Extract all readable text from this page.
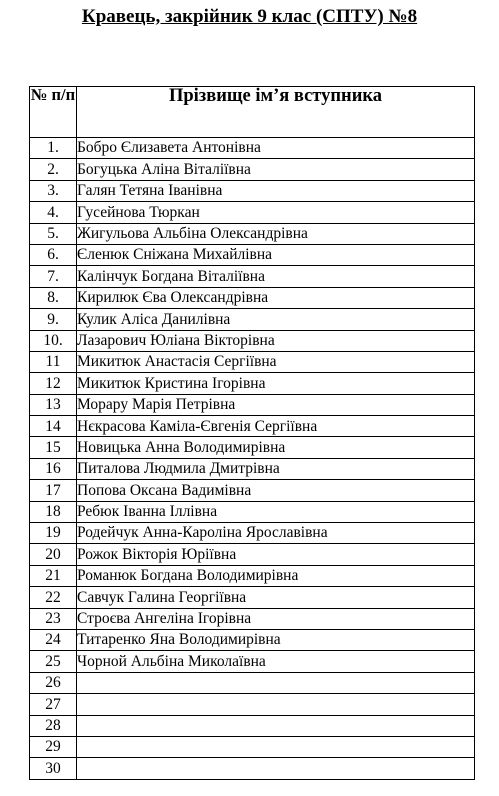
Кравець, закрійник 9 клас (СПТУ) №8
№ п/п	Прізвище ім’я вступника
1.	Бобро Єлизавета Антонівна
2.	Богуцька Аліна Віталіївна
3.	Галян Тетяна Іванівна
4.	Гусейнова Тюркан
5.	Жигульова Альбіна Олександрівна
6.	Єленюк Сніжана Михайлівна
7.	Калінчук Богдана Віталіївна
8.	Кирилюк Єва Олександрівна
9.	Кулик Аліса Данилівна
10.	Лазарович Юліана Вікторівна
11	Микитюк Анастасія Сергіївна
12	Микитюк Кристина Ігорівна
13	Морару Марія Петрівна
14	Нєкрасова Каміла-Євгенія Сергіївна
15	Новицька Анна Володимирівна
16	Питалова Людмила Дмитрівна
17	Попова Оксана Вадимівна
18	Ребюк Іванна Іллівна
19	Родейчук Анна-Кароліна Ярославівна
20	Рожок Вікторія Юріївна
21	Романюк Богдана Володимирівна
22	Савчук Галина Георгіївна
23	Строєва Ангеліна Ігорівна
24	Титаренко Яна Володимирівна
25	Чорной Альбіна Миколаївна
26	
27	
28	
29	
30	
